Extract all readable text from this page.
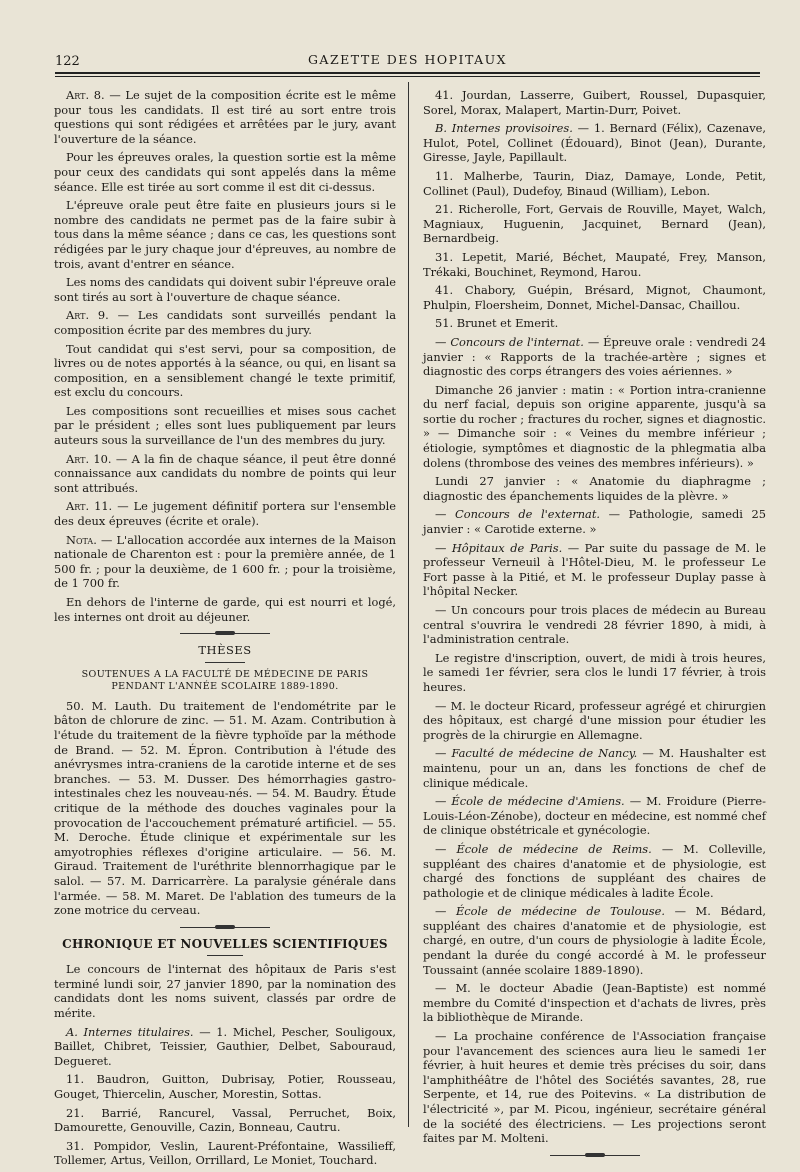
122	GAZETTE DES HOPITAUX

Art. 8. — Le sujet de la composition écrite est le même pour tous les candidats. Il est tiré au sort entre trois questions qui sont rédigées et arrêtées par le jury, avant l'ouverture de la séance.

Pour les épreuves orales, la question sortie est la même pour ceux des candidats qui sont appelés dans la même séance. Elle est tirée au sort comme il est dit ci-dessus.

L'épreuve orale peut être faite en plusieurs jours si le nombre des candidats ne permet pas de la faire subir à tous dans la même séance ; dans ce cas, les questions sont rédigées par le jury chaque jour d'épreuves, au nombre de trois, avant d'entrer en séance.

Les noms des candidats qui doivent subir l'épreuve orale sont tirés au sort à l'ouverture de chaque séance.

Art. 9. — Les candidats sont surveillés pendant la composition écrite par des membres du jury.

Tout candidat qui s'est servi, pour sa composition, de livres ou de notes apportés à la séance, ou qui, en lisant sa composition, en a sensiblement changé le texte primitif, est exclu du concours.

Les compositions sont recueillies et mises sous cachet par le président ; elles sont lues publiquement par leurs auteurs sous la surveillance de l'un des membres du jury.

Art. 10. — A la fin de chaque séance, il peut être donné connaissance aux candidats du nombre de points qui leur sont attribués.

Art. 11. — Le jugement définitif portera sur l'ensemble des deux épreuves (écrite et orale).

Nota. — L'allocation accordée aux internes de la Maison nationale de Charenton est : pour la première année, de 1 500 fr. ; pour la deuxième, de 1 600 fr. ; pour la troisième, de 1 700 fr.

En dehors de l'interne de garde, qui est nourri et logé, les internes ont droit au déjeuner.

THÈSES
SOUTENUES A LA FACULTÉ DE MÉDECINE DE PARIS
PENDANT L'ANNÉE SCOLAIRE 1889-1890.

50. M. Lauth. Du traitement de l'endométrite par le bâton de chlorure de zinc. — 51. M. Azam. Contribution à l'étude du traitement de la fièvre typhoïde par la méthode de Brand. — 52. M. Épron. Contribution à l'étude des anévrysmes intra-craniens de la carotide interne et de ses branches. — 53. M. Dusser. Des hémorrhagies gastro-intestinales chez les nouveau-nés. — 54. M. Baudry. Étude critique de la méthode des douches vaginales pour la provocation de l'accouchement prématuré artificiel. — 55. M. Deroche. Étude clinique et expérimentale sur les amyotrophies réflexes d'origine articulaire. — 56. M. Giraud. Traitement de l'uréthrite blennorrhagique par le salol. — 57. M. Darricarrère. La paralysie générale dans l'armée. — 58. M. Maret. De l'ablation des tumeurs de la zone motrice du cerveau.

CHRONIQUE ET NOUVELLES SCIENTIFIQUES

Le concours de l'internat des hôpitaux de Paris s'est terminé lundi soir, 27 janvier 1890, par la nomination des candidats dont les noms suivent, classés par ordre de mérite.

A. Internes titulaires. — 1. Michel, Pescher, Souligoux, Baillet, Chibret, Teissier, Gauthier, Delbet, Sabouraud, Degueret.

11. Baudron, Guitton, Dubrisay, Potier, Rousseau, Gouget, Thiercelin, Auscher, Morestin, Sottas.

21. Barrié, Rancurel, Vassal, Perruchet, Boix, Damourette, Genouville, Cazin, Bonneau, Cautru.

31. Pompidor, Veslin, Laurent-Préfontaine, Wassilieff, Tollemer, Artus, Veillon, Orrillard, Le Moniet, Touchard.

41. Jourdan, Lasserre, Guibert, Roussel, Dupasquier, Sorel, Morax, Malapert, Martin-Durr, Poivet.

B. Internes provisoires. — 1. Bernard (Félix), Cazenave, Hulot, Potel, Collinet (Édouard), Binot (Jean), Durante, Giresse, Jayle, Papillault.

11. Malherbe, Taurin, Diaz, Damaye, Londe, Petit, Collinet (Paul), Dudefoy, Binaud (William), Lebon.

21. Richerolle, Fort, Gervais de Rouville, Mayet, Walch, Magniaux, Huguenin, Jacquinet, Bernard (Jean), Bernardbeig.

31. Lepetit, Marié, Béchet, Maupaté, Frey, Manson, Trékaki, Bouchinet, Reymond, Harou.

41. Chabory, Guépin, Brésard, Mignot, Chaumont, Phulpin, Floersheim, Donnet, Michel-Dansac, Chaillou.

51. Brunet et Emerit.

— Concours de l'internat. — Épreuve orale : vendredi 24 janvier : « Rapports de la trachée-artère ; signes et diagnostic des corps étrangers des voies aériennes. »

Dimanche 26 janvier : matin : « Portion intra-cranienne du nerf facial, depuis son origine apparente, jusqu'à sa sortie du rocher ; fractures du rocher, signes et diagnostic. » — Dimanche soir : « Veines du membre inférieur ; étiologie, symptômes et diagnostic de la phlegmatia alba dolens (thrombose des veines des membres inférieurs). »

Lundi 27 janvier : « Anatomie du diaphragme ; diagnostic des épanchements liquides de la plèvre. »

— Concours de l'externat. — Pathologie, samedi 25 janvier : « Carotide externe. »

— Hôpitaux de Paris. — Par suite du passage de M. le professeur Verneuil à l'Hôtel-Dieu, M. le professeur Le Fort passe à la Pitié, et M. le professeur Duplay passe à l'hôpital Necker.

— Un concours pour trois places de médecin au Bureau central s'ouvrira le vendredi 28 février 1890, à midi, à l'administration centrale.

Le registre d'inscription, ouvert, de midi à trois heures, le samedi 1er février, sera clos le lundi 17 février, à trois heures.

— M. le docteur Ricard, professeur agrégé et chirurgien des hôpitaux, est chargé d'une mission pour étudier les progrès de la chirurgie en Allemagne.

— Faculté de médecine de Nancy. — M. Haushalter est maintenu, pour un an, dans les fonctions de chef de clinique médicale.

— École de médecine d'Amiens. — M. Froidure (Pierre-Louis-Léon-Zénobe), docteur en médecine, est nommé chef de clinique obstétricale et gynécologie.

— École de médecine de Reims. — M. Colleville, suppléant des chaires d'anatomie et de physiologie, est chargé des fonctions de suppléant des chaires de pathologie et de clinique médicales à ladite École.

— École de médecine de Toulouse. — M. Bédard, suppléant des chaires d'anatomie et de physiologie, est chargé, en outre, d'un cours de physiologie à ladite École, pendant la durée du congé accordé à M. le professeur Toussaint (année scolaire 1889-1890).

— M. le docteur Abadie (Jean-Baptiste) est nommé membre du Comité d'inspection et d'achats de livres, près la bibliothèque de Mirande.

— La prochaine conférence de l'Association française pour l'avancement des sciences aura lieu le samedi 1er février, à huit heures et demie très précises du soir, dans l'amphithéâtre de l'hôtel des Sociétés savantes, 28, rue Serpente, et 14, rue des Poitevins. « La distribution de l'électricité », par M. Picou, ingénieur, secrétaire général de la société des électriciens. — Les projections seront faites par M. Molteni.
